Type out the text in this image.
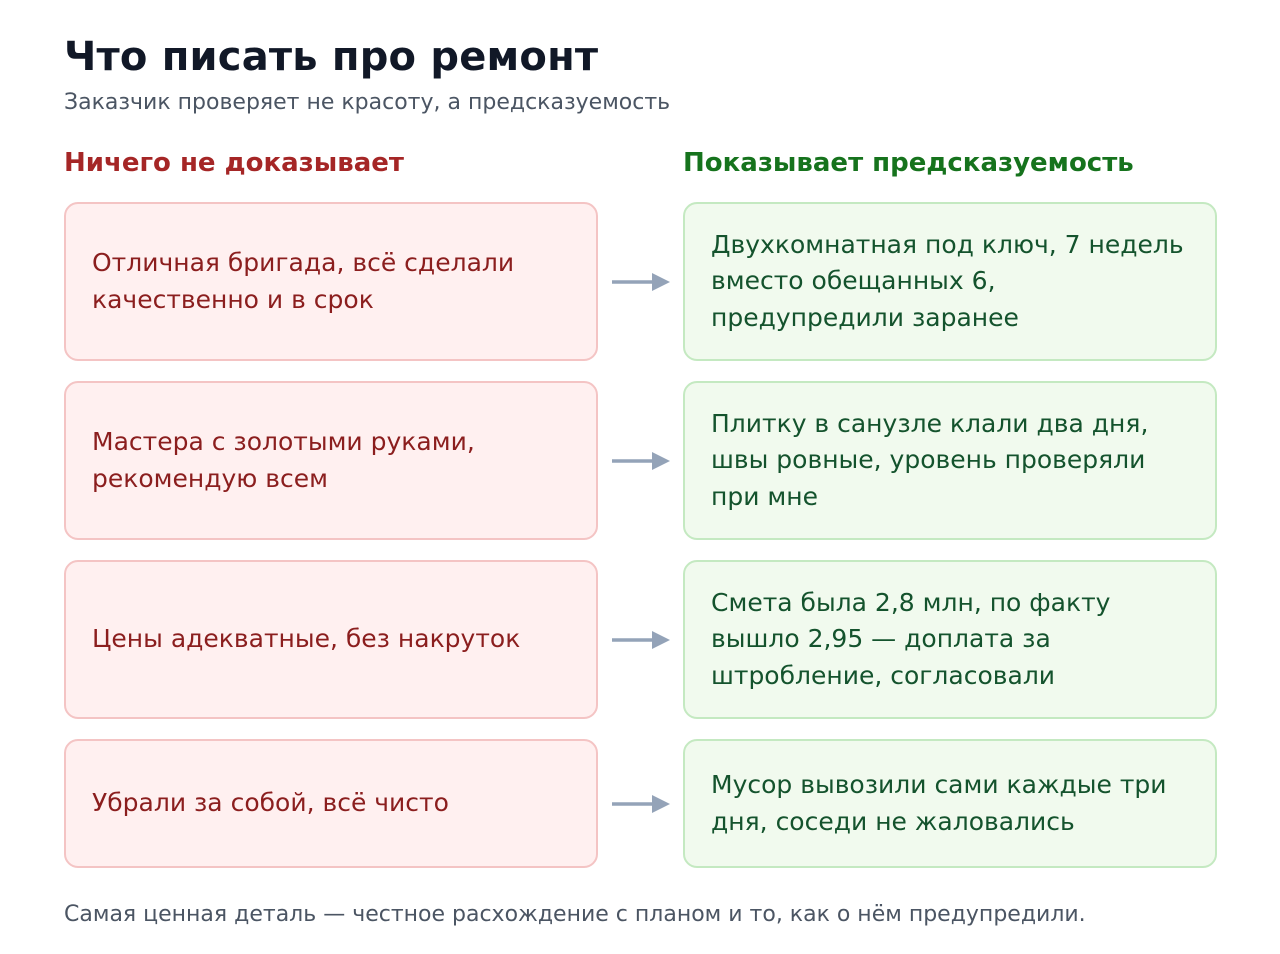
Что писать про ремонт

Заказчик проверяет не красоту, а предсказуемость

Ничего не доказывает	Показывает предсказуемость
Отличная бригада, всё сделали качественно и в срок
Двухкомнатная под ключ, 7 недель вместо обещанных 6, предупредили заранее
Мастера с золотыми руками, рекомендую всем
Плитку в санузле клали два дня, швы ровные, уровень проверяли при мне
Цены адекватные, без накруток
Смета была 2,8 млн, по факту вышло 2,95 — доплата за штробление, согласовали
Убрали за собой, всё чисто
Мусор вывозили сами каждые три дня, соседи не жаловались

Самая ценная деталь — честное расхождение с планом и то, как о нём предупредили.
